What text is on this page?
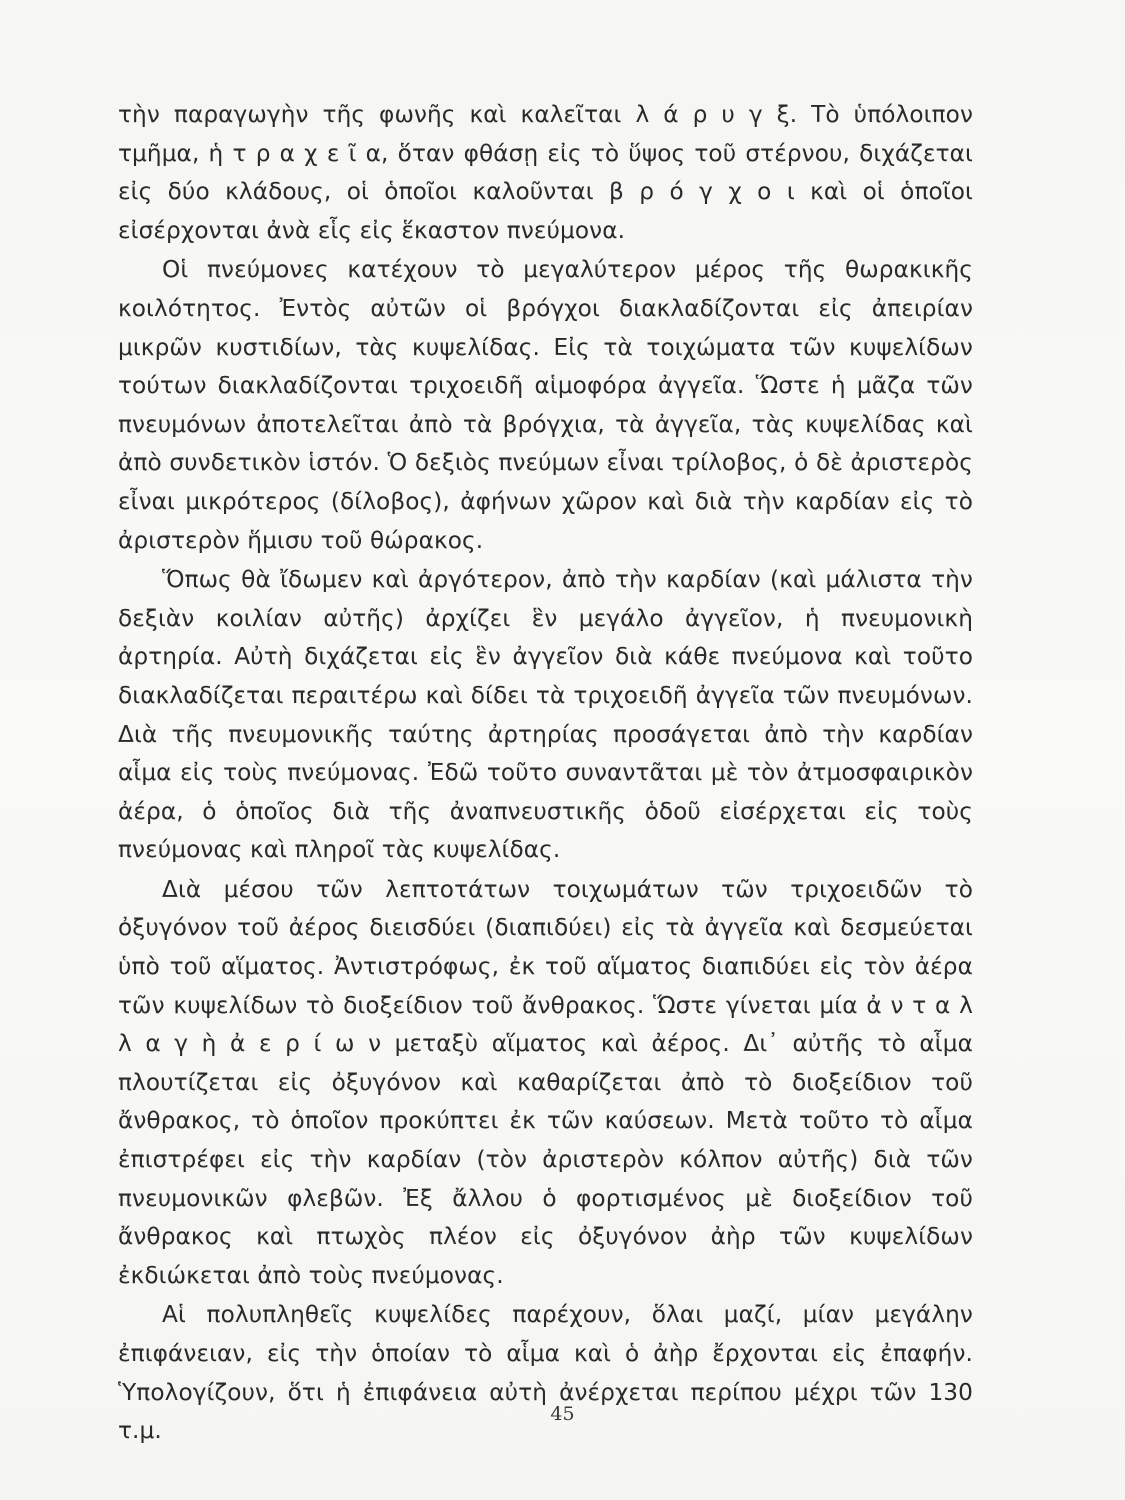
τὴν παραγωγὴν τῆς φωνῆς καὶ καλεῖται λ ά ρ υ γ ξ. Τὸ ὑπόλοιπον τμῆμα, ἡ τ ρ α χ ε ῖ α, ὅταν φθάσῃ εἰς τὸ ὕψος τοῦ στέρνου, διχάζεται εἰς δύο κλάδους, οἱ ὁποῖοι καλοῦνται β ρ ό γ χ ο ι καὶ οἱ ὁποῖοι εἰσέρχονται ἀνὰ εἷς εἰς ἕκαστον πνεύμονα.

Οἱ πνεύμονες κατέχουν τὸ μεγαλύτερον μέρος τῆς θωρακικῆς κοιλότητος. Ἐντὸς αὐτῶν οἱ βρόγχοι διακλαδίζονται εἰς ἀπειρίαν μικρῶν κυστιδίων, τὰς κυψελίδας. Εἰς τὰ τοιχώματα τῶν κυψελίδων τούτων διακλαδίζονται τριχοειδῆ αἱμοφόρα ἀγγεῖα. Ὥστε ἡ μᾶζα τῶν πνευμόνων ἀποτελεῖται ἀπὸ τὰ βρόγχια, τὰ ἀγγεῖα, τὰς κυψελίδας καὶ ἀπὸ συνδετικὸν ἱστόν. Ὁ δεξιὸς πνεύμων εἶναι τρίλοβος, ὁ δὲ ἀριστερὸς εἶναι μικρότερος (δίλοβος), ἀφήνων χῶρον καὶ διὰ τὴν καρδίαν εἰς τὸ ἀριστερὸν ἥμισυ τοῦ θώρακος.

Ὅπως θὰ ἴδωμεν καὶ ἀργότερον, ἀπὸ τὴν καρδίαν (καὶ μάλιστα τὴν δεξιὰν κοιλίαν αὐτῆς) ἀρχίζει ἓν μεγάλο ἀγγεῖον, ἡ πνευμονικὴ ἀρτηρία. Αὐτὴ διχάζεται εἰς ἓν ἀγγεῖον διὰ κάθε πνεύμονα καὶ τοῦτο διακλαδίζεται περαιτέρω καὶ δίδει τὰ τριχοειδῆ ἀγγεῖα τῶν πνευμόνων. Διὰ τῆς πνευμονικῆς ταύτης ἀρτηρίας προσάγεται ἀπὸ τὴν καρδίαν αἷμα εἰς τοὺς πνεύμονας. Ἐδῶ τοῦτο συναντᾶται μὲ τὸν ἀτμοσφαιρικὸν ἀέρα, ὁ ὁποῖος διὰ τῆς ἀναπνευστικῆς ὁδοῦ εἰσέρχεται εἰς τοὺς πνεύμονας καὶ πληροῖ τὰς κυψελίδας.

Διὰ μέσου τῶν λεπτοτάτων τοιχωμάτων τῶν τριχοειδῶν τὸ ὀξυγόνον τοῦ ἀέρος διεισδύει (διαπιδύει) εἰς τὰ ἀγγεῖα καὶ δεσμεύεται ὑπὸ τοῦ αἵματος. Ἀντιστρόφως, ἐκ τοῦ αἵματος διαπιδύει εἰς τὸν ἀέρα τῶν κυψελίδων τὸ διοξείδιον τοῦ ἄνθρακος. Ὥστε γίνεται μία ἀ ν τ α λ λ α γ ὴ ἀ ε ρ ί ω ν μεταξὺ αἵματος καὶ ἀέρος. Δι᾽ αὐτῆς τὸ αἷμα πλουτίζεται εἰς ὀξυγόνον καὶ καθαρίζεται ἀπὸ τὸ διοξείδιον τοῦ ἄνθρακος, τὸ ὁποῖον προκύπτει ἐκ τῶν καύσεων. Μετὰ τοῦτο τὸ αἷμα ἐπιστρέφει εἰς τὴν καρδίαν (τὸν ἀριστερὸν κόλπον αὐτῆς) διὰ τῶν πνευμονικῶν φλεβῶν. Ἐξ ἄλλου ὁ φορτισμένος μὲ διοξείδιον τοῦ ἄνθρακος καὶ πτωχὸς πλέον εἰς ὀξυγόνον ἀὴρ τῶν κυψελίδων ἐκδιώκεται ἀπὸ τοὺς πνεύμονας.

Αἱ πολυπληθεῖς κυψελίδες παρέχουν, ὅλαι μαζί, μίαν μεγάλην ἐπιφάνειαν, εἰς τὴν ὁποίαν τὸ αἷμα καὶ ὁ ἀὴρ ἔρχονται εἰς ἐπαφήν. Ὑπολογίζουν, ὅτι ἡ ἐπιφάνεια αὐτὴ ἀνέρχεται περίπου μέχρι τῶν 130 τ.μ.

45
